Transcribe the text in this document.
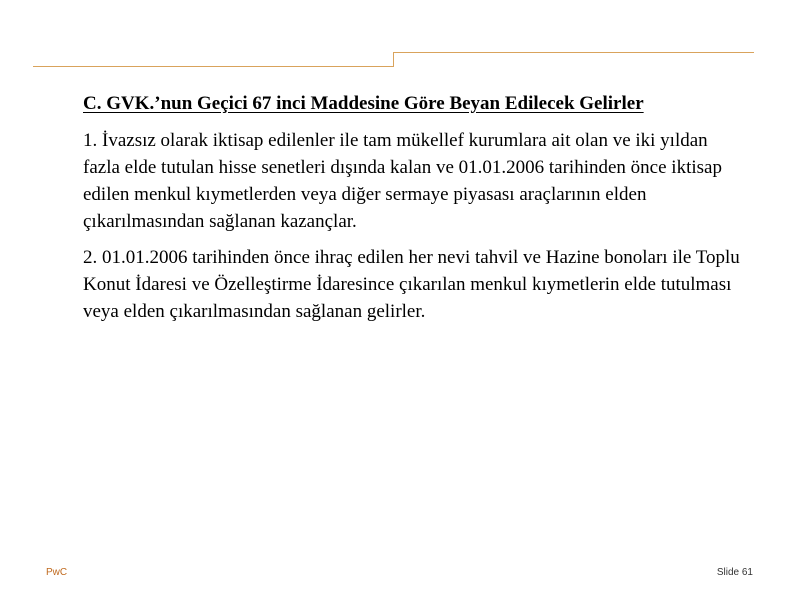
C. GVK.’nun Geçici 67 inci Maddesine Göre Beyan Edilecek Gelirler

1. İvazsız olarak iktisap edilenler ile tam mükellef kurumlara ait olan ve iki yıldan fazla elde tutulan hisse senetleri dışında kalan ve 01.01.2006 tarihinden önce iktisap edilen menkul kıymetlerden veya diğer sermaye piyasası araçlarının elden çıkarılmasından sağlanan kazançlar.

2. 01.01.2006 tarihinden önce ihraç edilen her nevi tahvil ve Hazine bonoları ile Toplu Konut İdaresi ve Özelleştirme İdaresince çıkarılan menkul kıymetlerin elde tutulması veya elden çıkarılmasından sağlanan gelirler.

PwC	Slide 61
